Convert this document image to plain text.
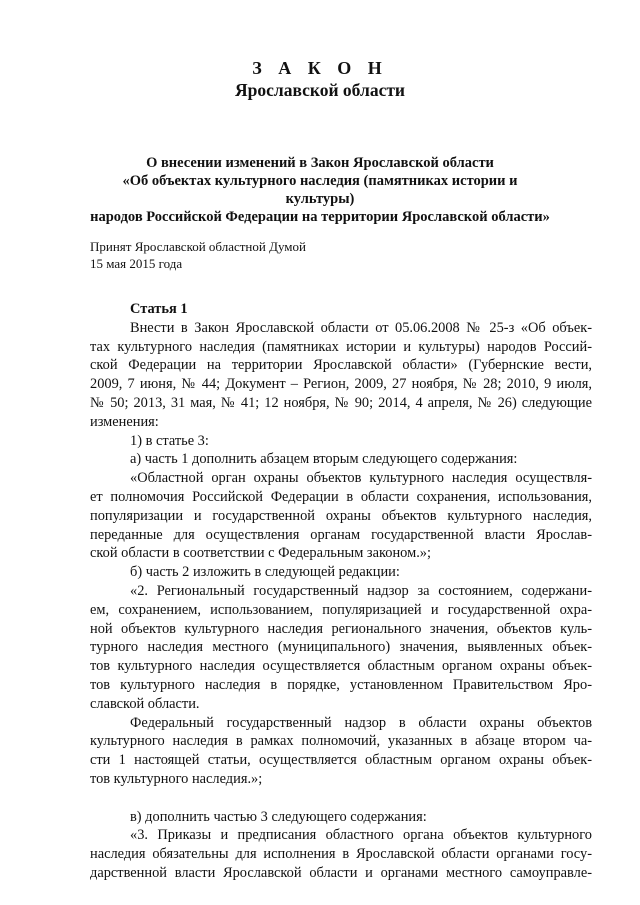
З А К О Н
Ярославской области
О внесении изменений в Закон Ярославской области
«Об объектах культурного наследия (памятниках истории и культуры)
народов Российской Федерации на территории Ярославской области»
Принят Ярославской областной Думой
15 мая 2015 года
Статья 1
Внести в Закон Ярославской области от 05.06.2008 № 25-з «Об объек-
тах культурного наследия (памятниках истории и культуры) народов Россий-
ской Федерации на территории Ярославской области» (Губернские вести,
2009, 7 июня, № 44; Документ – Регион, 2009, 27 ноября, № 28; 2010, 9 июля,
№ 50; 2013, 31 мая, № 41; 12 ноября, № 90; 2014, 4 апреля, № 26) следующие
изменения:
1) в статье 3:
а) часть 1 дополнить абзацем вторым следующего содержания:
«Областной орган охраны объектов культурного наследия осуществля-
ет полномочия Российской Федерации в области сохранения, использования,
популяризации и государственной охраны объектов культурного наследия,
переданные для осуществления органам государственной власти Ярослав-
ской области в соответствии с Федеральным законом.»;
б) часть 2 изложить в следующей редакции:
«2. Региональный государственный надзор за состоянием, содержани-
ем, сохранением, использованием, популяризацией и государственной охра-
ной объектов культурного наследия регионального значения, объектов куль-
турного наследия местного (муниципального) значения, выявленных объек-
тов культурного наследия осуществляется областным органом охраны объек-
тов культурного наследия в порядке, установленном Правительством Яро-
славской области.
Федеральный государственный надзор в области охраны объектов
культурного наследия в рамках полномочий, указанных в абзаце втором ча-
сти 1 настоящей статьи, осуществляется областным органом охраны объек-
тов культурного наследия.»;
в) дополнить частью 3 следующего содержания:
«3. Приказы и предписания областного органа объектов культурного
наследия обязательны для исполнения в Ярославской области органами госу-
дарственной власти Ярославской области и органами местного самоуправле-
